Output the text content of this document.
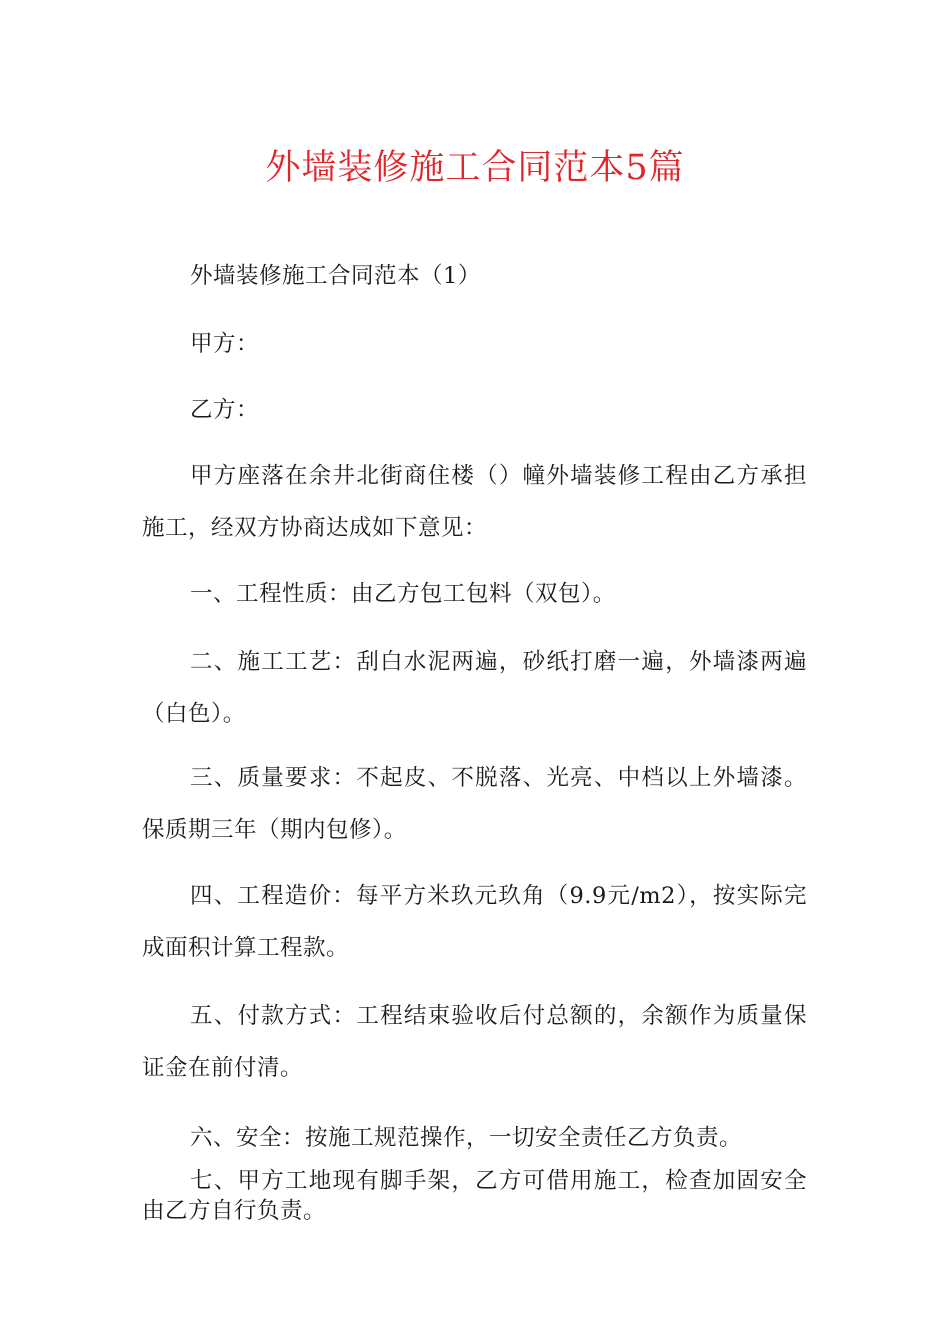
外墙装修施工合同范本5篇
外墙装修施工合同范本（1）
甲方：
乙方：
甲方座落在余井北街商住楼（）幢外墙装修工程由乙方承担施工，经双方协商达成如下意见：
一、工程性质：由乙方包工包料（双包）。
二、施工工艺：刮白水泥两遍，砂纸打磨一遍，外墙漆两遍（白色）。
三、质量要求：不起皮、不脱落、光亮、中档以上外墙漆。保质期三年（期内包修）。
四、工程造价：每平方米玖元玖角（9.9元/m2），按实际完成面积计算工程款。
五、付款方式：工程结束验收后付总额的，余额作为质量保证金在前付清。
六、安全：按施工规范操作，一切安全责任乙方负责。
七、甲方工地现有脚手架，乙方可借用施工，检查加固安全由乙方自行负责。
